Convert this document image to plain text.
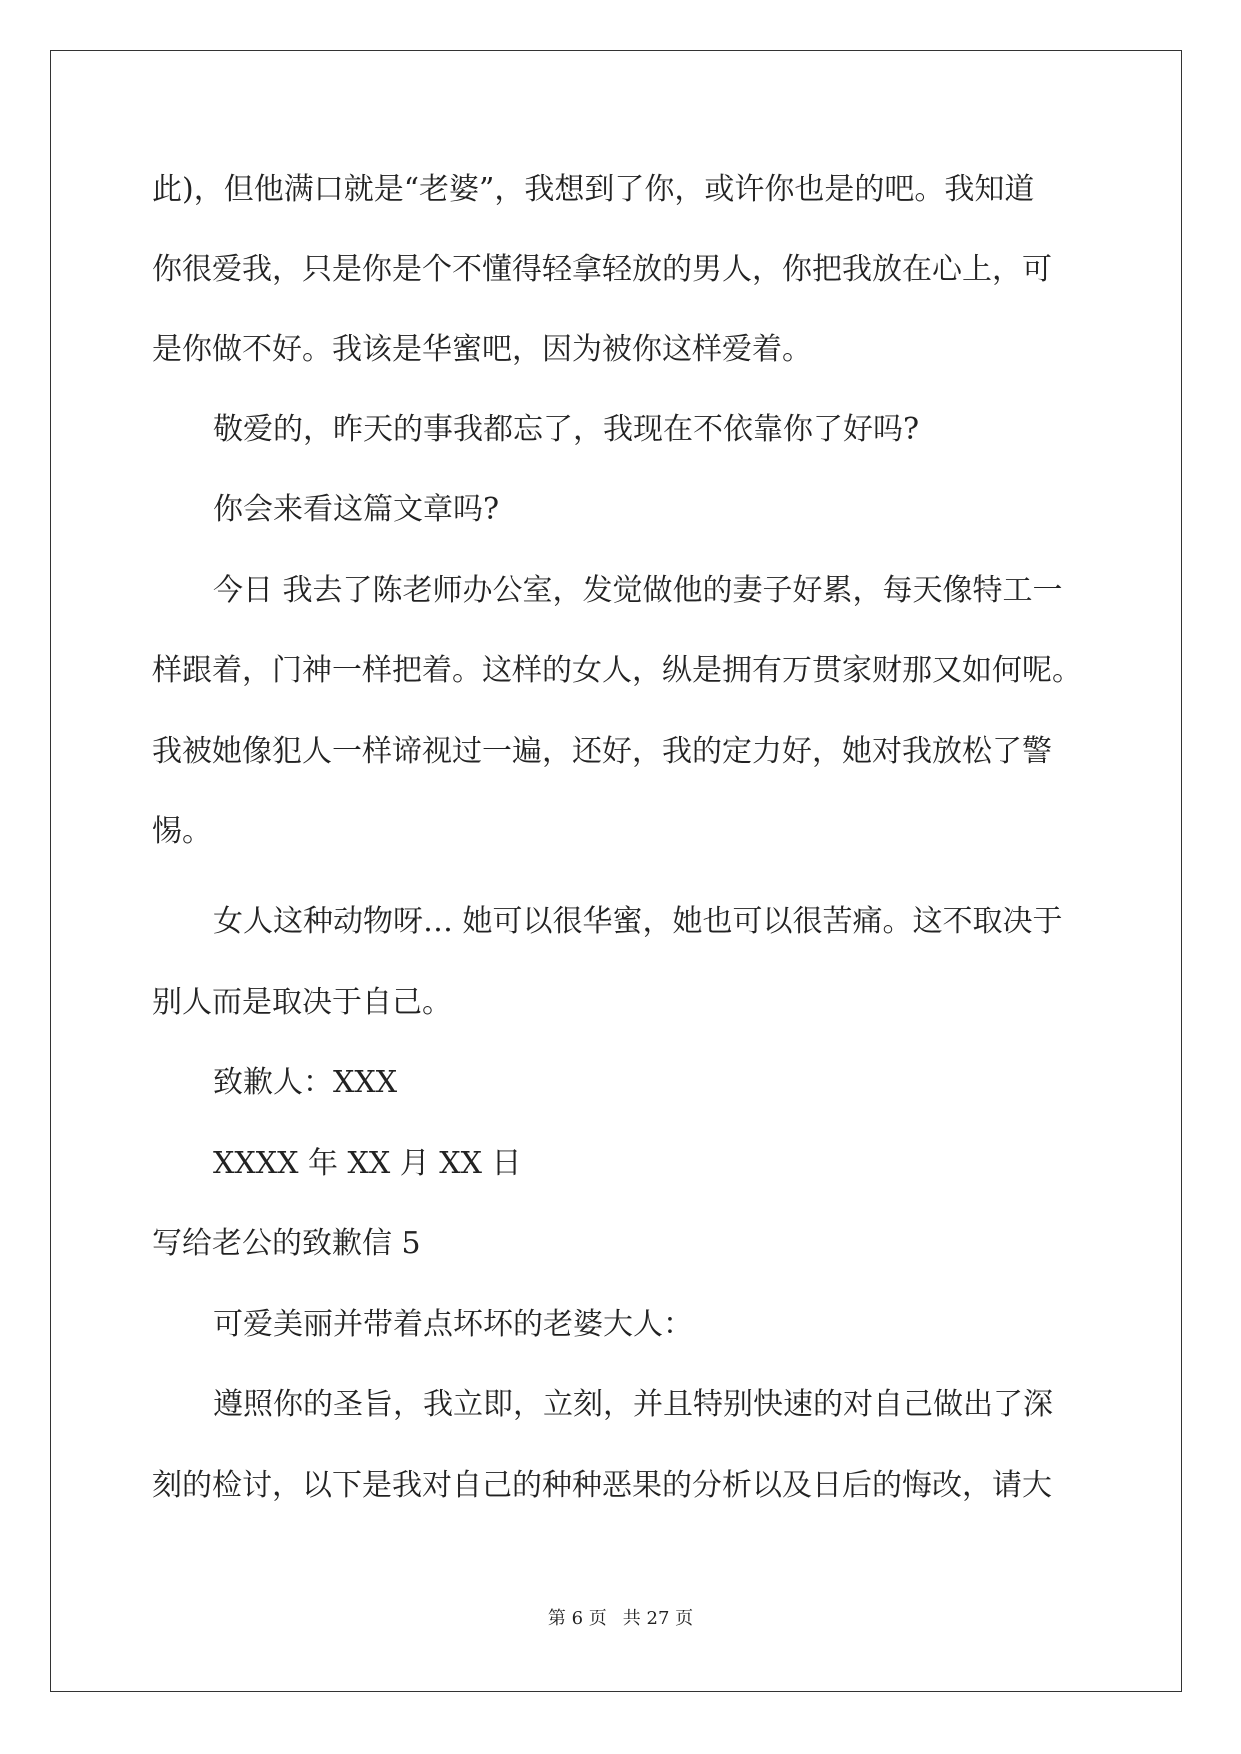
此)，但他满口就是“老婆”，我想到了你，或许你也是的吧。我知道

你很爱我，只是你是个不懂得轻拿轻放的男人，你把我放在心上，可

是你做不好。我该是华蜜吧，因为被你这样爱着。

敬爱的，昨天的事我都忘了，我现在不依靠你了好吗?

你会来看这篇文章吗?

今日 我去了陈老师办公室，发觉做他的妻子好累，每天像特工一

样跟着，门神一样把着。这样的女人，纵是拥有万贯家财那又如何呢。

我被她像犯人一样谛视过一遍，还好，我的定力好，她对我放松了警

惕。

女人这种动物呀… 她可以很华蜜，她也可以很苦痛。这不取决于

别人而是取决于自己。

致歉人：XXX

XXXX 年 XX 月 XX 日

写给老公的致歉信 5

可爱美丽并带着点坏坏的老婆大人：

遵照你的圣旨，我立即，立刻，并且特别快速的对自己做出了深

刻的检讨，以下是我对自己的种种恶果的分析以及日后的悔改，请大

第 6 页 共 27 页
